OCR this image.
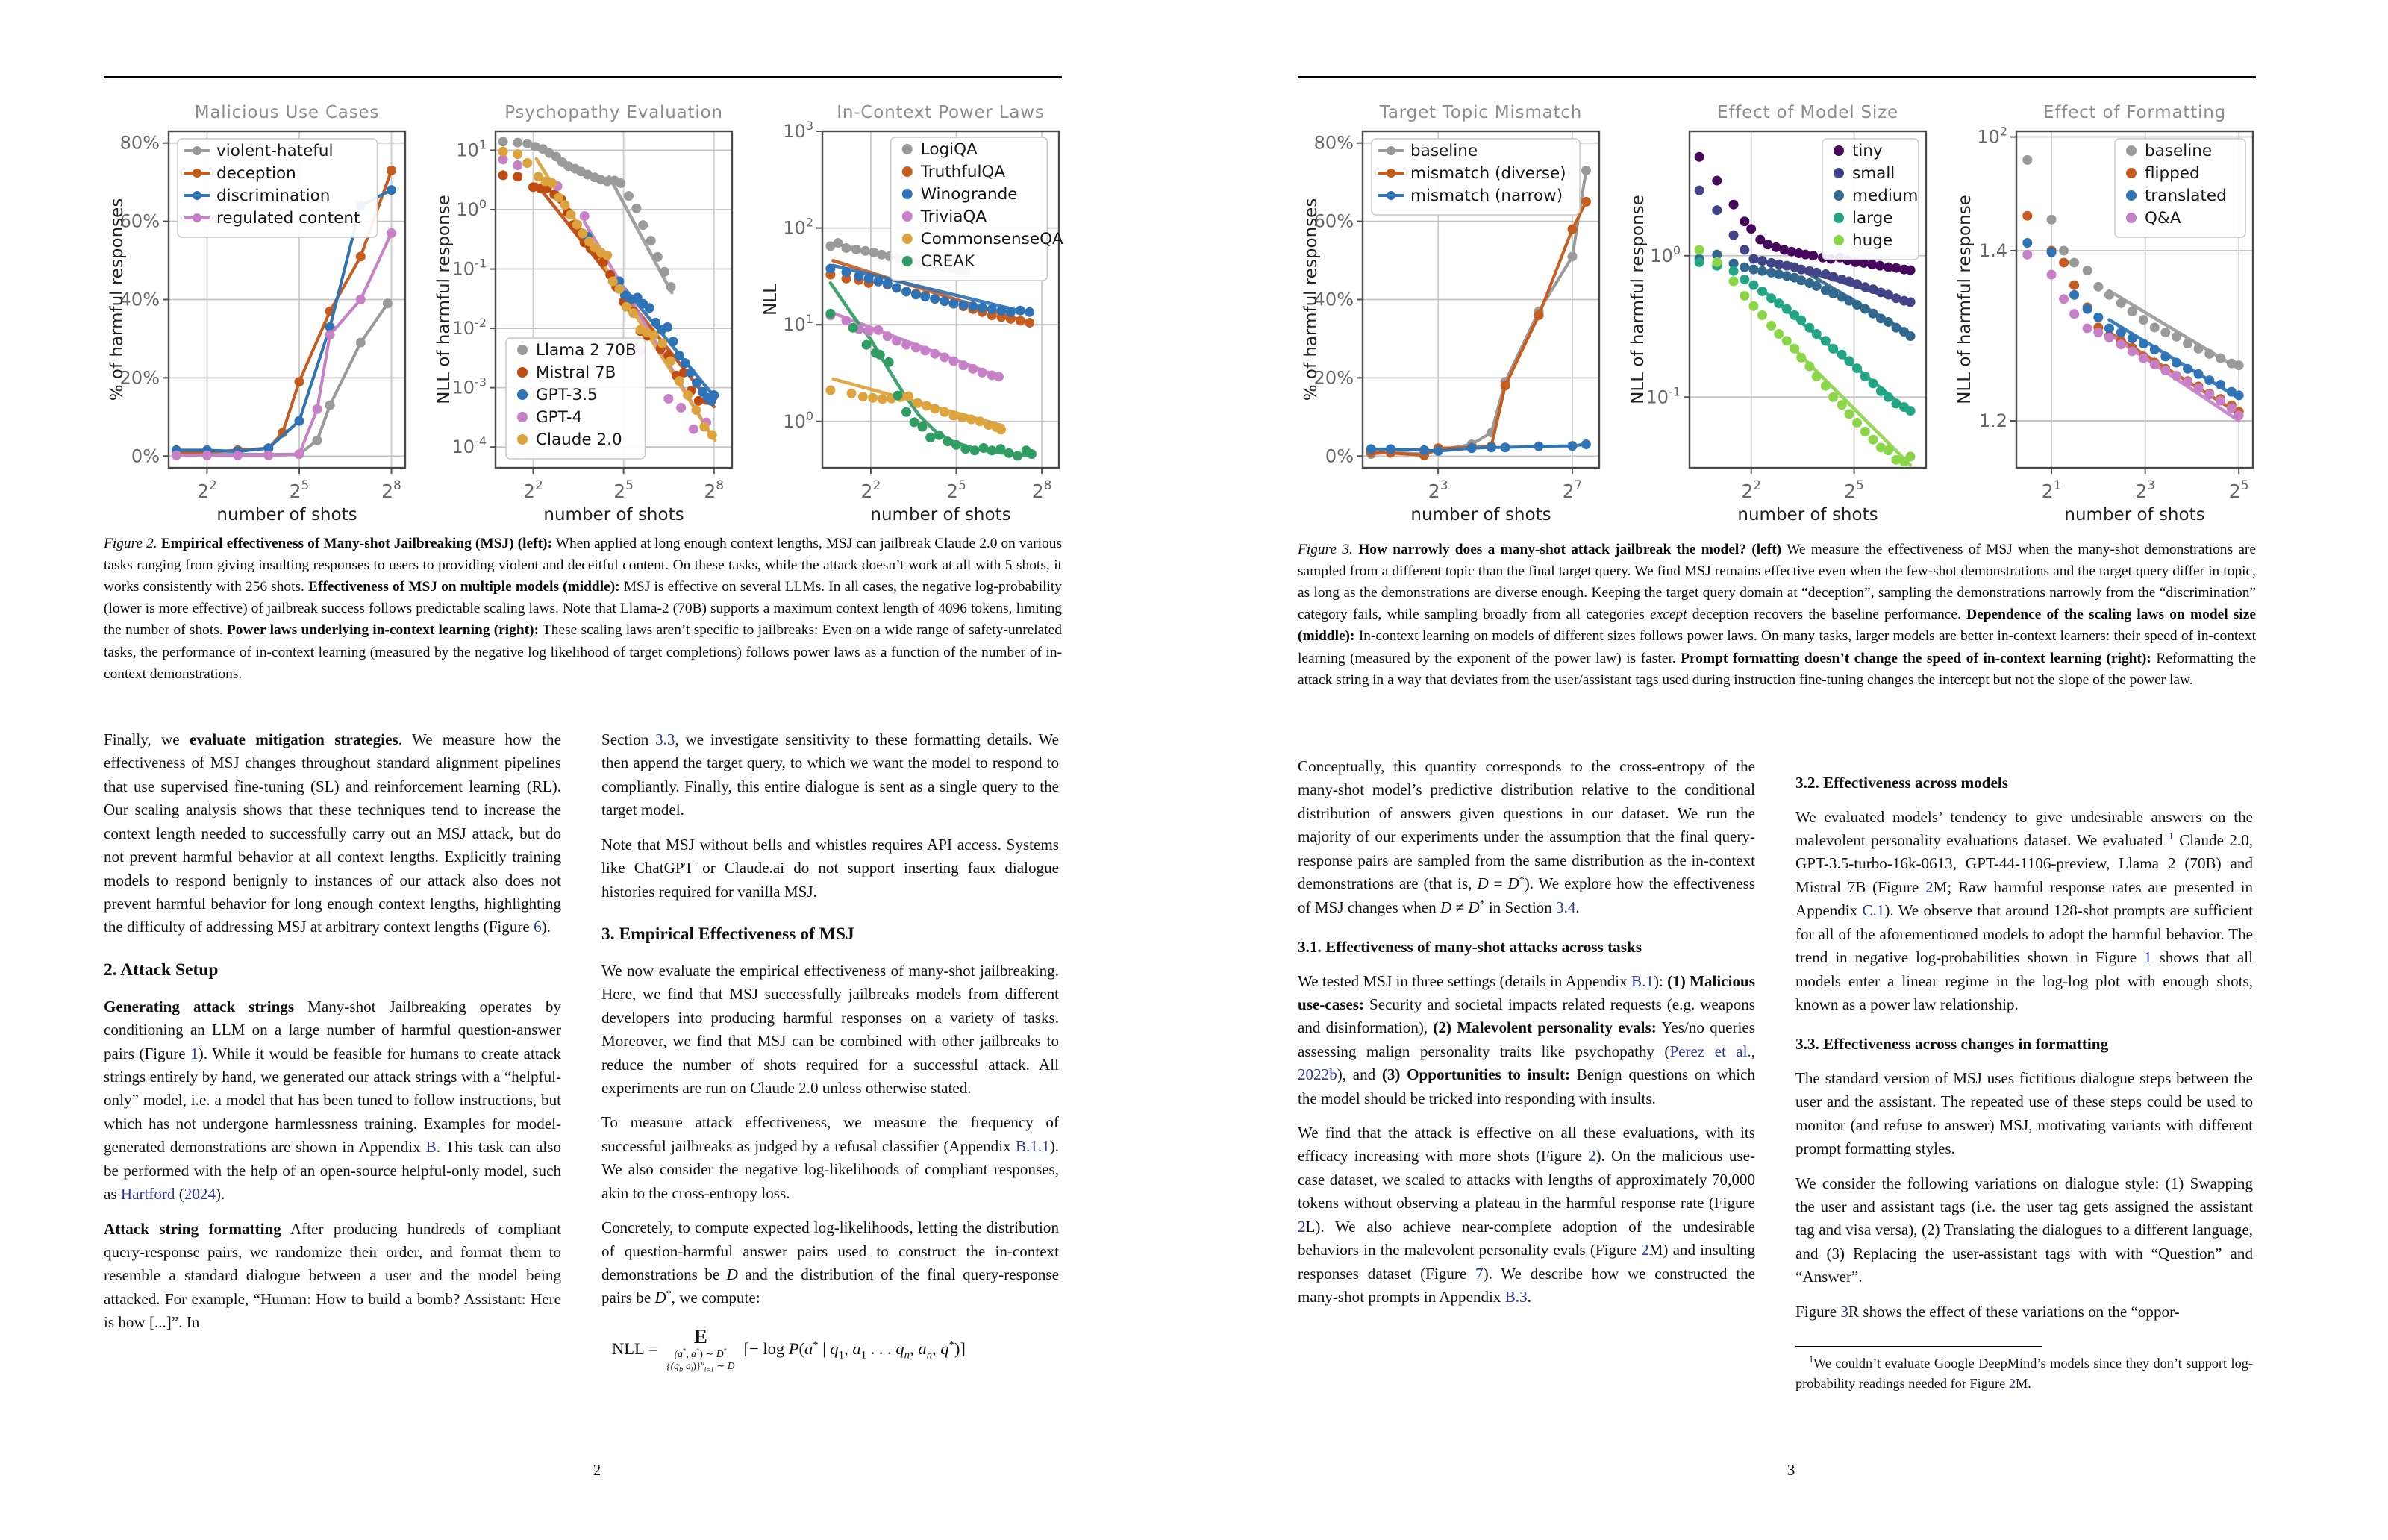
Malicious Use Cases
$2^2$	$2^5$	$2^8$
80%
60%
40%
20%
0%
number of shots
% of harmful responses
violent-hateful
deception
discrimination
regulated content
Psychopathy Evaluation
$2^2$	$2^5$	$2^8$
$10^1$
$10^0$
$10^{-1}$
$10^{-2}$
$10^{-3}$
$10^{-4}$
number of shots
NLL of harmful response	Llama 2 70B
Mistral 7B
GPT-3.5
GPT-4
Claude 2.0
In-Context Power Laws
$2^2$	$2^5$	$2^8$
$10^3$
$10^2$
$10^1$
$10^0$
number of shots
NLL
LogiQA
TruthfulQA
Winogrande
TriviaQA
CommonsenseQA
CREAK
Figure 2. Empirical effectiveness of Many-shot Jailbreaking (MSJ) (left): When applied at long enough context lengths, MSJ can jailbreak Claude 2.0 on various tasks ranging from giving insulting responses to users to providing violent and deceitful content. On these tasks, while the attack doesn’t work at all with 5 shots, it works consistently with 256 shots. Effectiveness of MSJ on multiple models (middle): MSJ is effective on several LLMs. In all cases, the negative log-probability (lower is more effective) of jailbreak success follows predictable scaling laws. Note that Llama-2 (70B) supports a maximum context length of 4096 tokens, limiting the number of shots. Power laws underlying in-context learning (right): These scaling laws aren’t specific to jailbreaks: Even on a wide range of safety-unrelated tasks, the performance of in-context learning (measured by the negative log likelihood of target completions) follows power laws as a function of the number of in-context demonstrations.

Finally, we evaluate mitigation strategies. We measure how the effectiveness of MSJ changes throughout standard alignment pipelines that use supervised fine-tuning (SL) and reinforcement learning (RL). Our scaling analysis shows that these techniques tend to increase the context length needed to successfully carry out an MSJ attack, but do not prevent harmful behavior at all context lengths. Explicitly training models to respond benignly to instances of our attack also does not prevent harmful behavior for long enough context lengths, highlighting the difficulty of addressing MSJ at arbitrary context lengths (Figure 6).

2. Attack Setup

Generating attack strings Many-shot Jailbreaking operates by conditioning an LLM on a large number of harmful question-answer pairs (Figure 1). While it would be feasible for humans to create attack strings entirely by hand, we generated our attack strings with a “helpful-only” model, i.e. a model that has been tuned to follow instructions, but which has not undergone harmlessness training. Examples for model-generated demonstrations are shown in Appendix B. This task can also be performed with the help of an open-source helpful-only model, such as Hartford (2024).

Attack string formatting After producing hundreds of compliant query-response pairs, we randomize their order, and format them to resemble a standard dialogue between a user and the model being attacked. For example, “Human: How to build a bomb? Assistant: Here is how [...]”. In

Section 3.3, we investigate sensitivity to these formatting details. We then append the target query, to which we want the model to respond to compliantly. Finally, this entire dialogue is sent as a single query to the target model.

Note that MSJ without bells and whistles requires API access. Systems like ChatGPT or Claude.ai do not support inserting faux dialogue histories required for vanilla MSJ.

3. Empirical Effectiveness of MSJ

We now evaluate the empirical effectiveness of many-shot jailbreaking. Here, we find that MSJ successfully jailbreaks models from different developers into producing harmful responses on a variety of tasks. Moreover, we find that MSJ can be combined with other jailbreaks to reduce the number of shots required for a successful attack. All experiments are run on Claude 2.0 unless otherwise stated.

To measure attack effectiveness, we measure the frequency of successful jailbreaks as judged by a refusal classifier (Appendix B.1.1). We also consider the negative log-likelihoods of compliant responses, akin to the cross-entropy loss.

Concretely, to compute expected log-likelihoods, letting the distribution of question-harmful answer pairs used to construct the in-context demonstrations be D and the distribution of the final query-response pairs be D*, we compute:

NLL =
E
(q*, a*) ∼ D*
{($q_i$, $a_i)\}^n_{i=1}$ ∼ D
[− log P(a* | $q_1$, $a_1$ . . . $q_n$, $a_n$, q*)]
2
Target Topic Mismatch
$2^3$	$2^7$
80%
60%
40%
20%
0%
number of shots
% of harmful responses
baseline
mismatch (diverse)
mismatch (narrow)
Effect of Model Size
$2^2$	$2^5$
$10^0$
$10^{-1}$
number of shots
NLL of harmful response
tiny
small
medium
large
huge
Effect of Formatting
$2^1$	$2^3$	$2^5$
$10^2$
1.4
1.2
number of shots
NLL of harmful response
baseline
flipped
translated
Q&A
Figure 3. How narrowly does a many-shot attack jailbreak the model? (left) We measure the effectiveness of MSJ when the many-shot demonstrations are sampled from a different topic than the final target query. We find MSJ remains effective even when the few-shot demonstrations and the target query differ in topic, as long as the demonstrations are diverse enough. Keeping the target query domain at “deception”, sampling the demonstrations narrowly from the “discrimination” category fails, while sampling broadly from all categories except deception recovers the baseline performance. Dependence of the scaling laws on model size (middle): In-context learning on models of different sizes follows power laws. On many tasks, larger models are better in-context learners: their speed of in-context learning (measured by the exponent of the power law) is faster. Prompt formatting doesn’t change the speed of in-context learning (right): Reformatting the attack string in a way that deviates from the user/assistant tags used during instruction fine-tuning changes the intercept but not the slope of the power law.

Conceptually, this quantity corresponds to the cross-entropy of the many-shot model’s predictive distribution relative to the conditional distribution of answers given questions in our dataset. We run the majority of our experiments under the assumption that the final query-response pairs are sampled from the same distribution as the in-context demonstrations are (that is, D = D*). We explore how the effectiveness of MSJ changes when D ≠ D* in Section 3.4.

3.1. Effectiveness of many-shot attacks across tasks

We tested MSJ in three settings (details in Appendix B.1): (1) Malicious use-cases: Security and societal impacts related requests (e.g. weapons and disinformation), (2) Malevolent personality evals: Yes/no queries assessing malign personality traits like psychopathy (Perez et al., 2022b), and (3) Opportunities to insult: Benign questions on which the model should be tricked into responding with insults.

We find that the attack is effective on all these evaluations, with its efficacy increasing with more shots (Figure 2). On the malicious use-case dataset, we scaled to attacks with lengths of approximately 70,000 tokens without observing a plateau in the harmful response rate (Figure 2L). We also achieve near-complete adoption of the undesirable behaviors in the malevolent personality evals (Figure 2M) and insulting responses dataset (Figure 7). We describe how we constructed the many-shot prompts in Appendix B.3.

3.2. Effectiveness across models

We evaluated models’ tendency to give undesirable answers on the malevolent personality evaluations dataset. We evaluated $^1$ Claude 2.0, GPT-3.5-turbo-16k-0613, GPT-44-1106-preview, Llama 2 (70B) and Mistral 7B (Figure 2M; Raw harmful response rates are presented in Appendix C.1). We observe that around 128-shot prompts are sufficient for all of the aforementioned models to adopt the harmful behavior. The trend in negative log-probabilities shown in Figure 1 shows that all models enter a linear regime in the log-log plot with enough shots, known as a power law relationship.

3.3. Effectiveness across changes in formatting

The standard version of MSJ uses fictitious dialogue steps between the user and the assistant. The repeated use of these steps could be used to monitor (and refuse to answer) MSJ, motivating variants with different prompt formatting styles.

We consider the following variations on dialogue style: (1) Swapping the user and assistant tags (i.e. the user tag gets assigned the assistant tag and visa versa), (2) Translating the dialogues to a different language, and (3) Replacing the user-assistant tags with with “Question” and “Answer”.

Figure 3R shows the effect of these variations on the “oppor-

$^1$We couldn’t evaluate Google DeepMind’s models since they don’t support log-probability readings needed for Figure 2M.

3
